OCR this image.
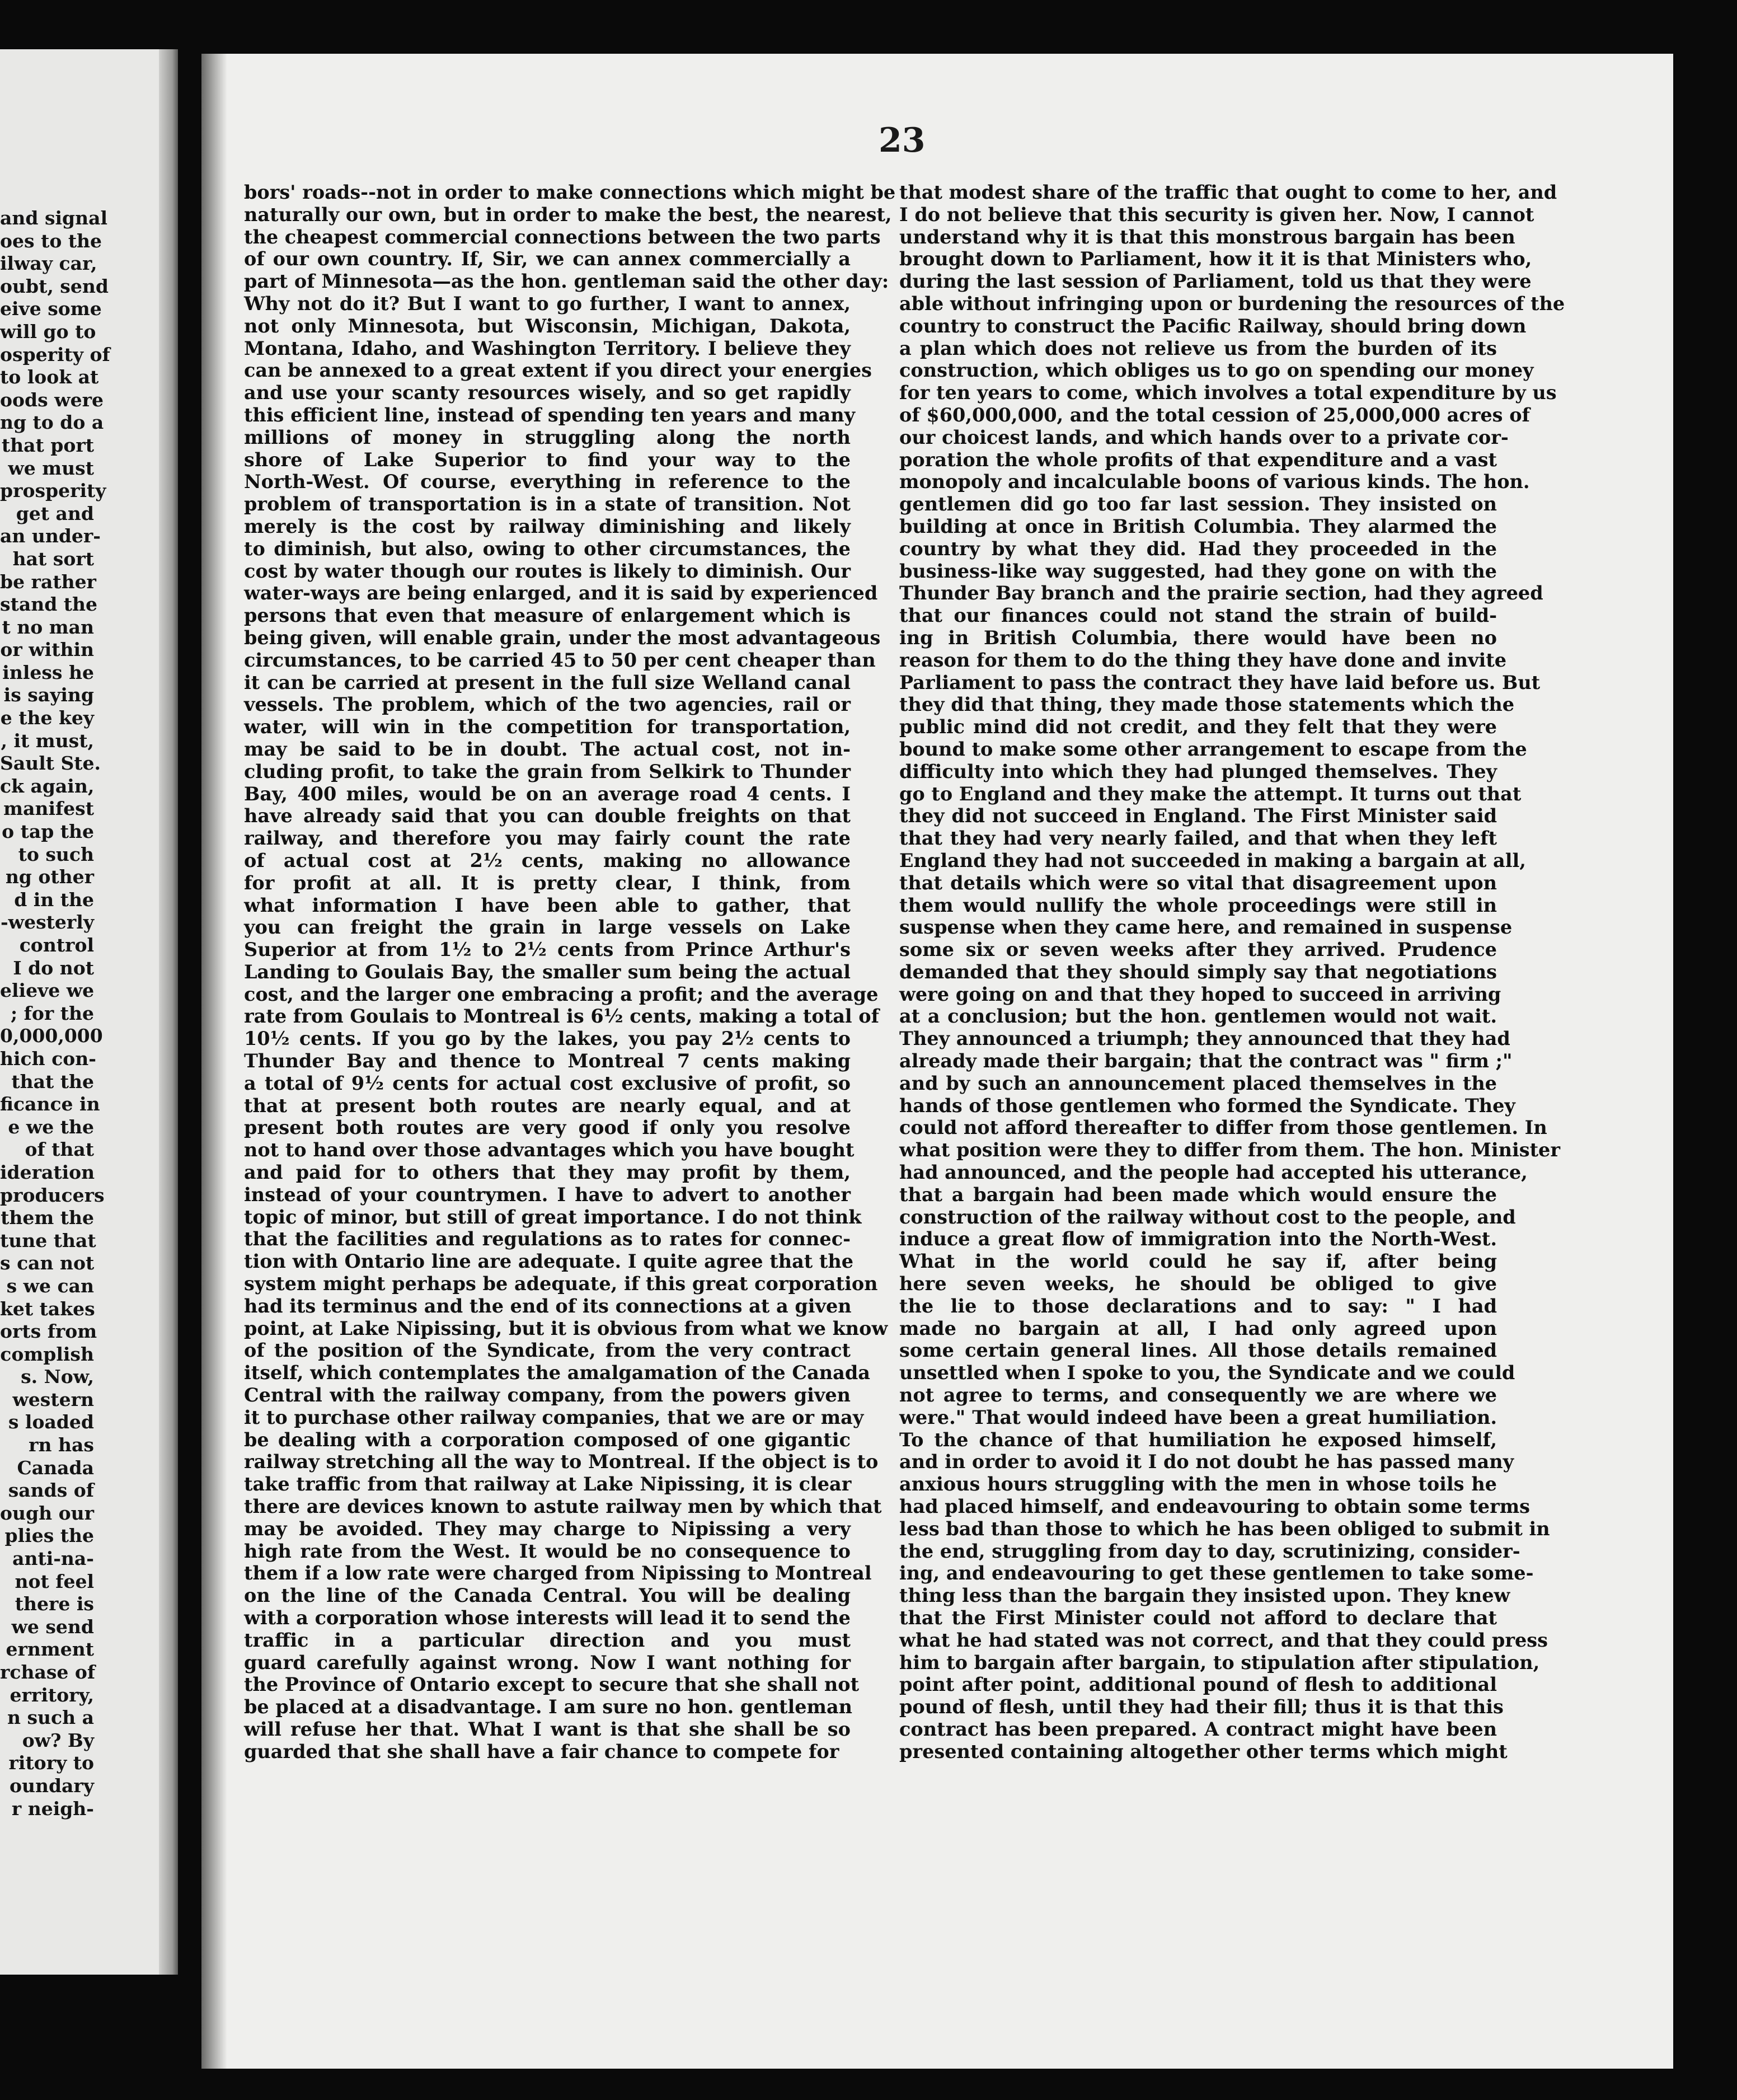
and signal
oes to the
ilway car,
oubt, send
eive some
will go to
osperity of
to look at
oods were
ng to do a
that port
we must
prosperity
get and
an under-
hat sort
be rather
stand the
t no man
or within
inless he
is saying
e the key
, it must,
Sault Ste.
ck again,
manifest
o tap the
to such
ng other
d in the
-westerly
control
I do not
elieve we
; for the
0,000,000
hich con-
that the
ficance in
e we the
of that
ideration
producers
them the
tune that
s can not
s we can
ket takes
orts from
complish
s. Now,
western
s loaded
rn has
Canada
sands of
ough our
plies the
anti-na-
not feel
there is
we send
ernment
rchase of
erritory,
n such a
ow? By
ritory to
oundary
r neigh-
23
bors' roads--not in order to make connections which might be
naturally our own, but in order to make the best, the nearest,
the cheapest commercial connections between the two parts
of our own country. If, Sir, we can annex commercially a
part of Minnesota—as the hon. gentleman said the other day:
Why not do it? But I want to go further, I want to annex,
not only Minnesota, but Wisconsin, Michigan, Dakota,
Montana, Idaho, and Washington Territory. I believe they
can be annexed to a great extent if you direct your energies
and use your scanty resources wisely, and so get rapidly
this efficient line, instead of spending ten years and many
millions of money in struggling along the north
shore of Lake Superior to find your way to the
North-West. Of course, everything in reference to the
problem of transportation is in a state of transition. Not
merely is the cost by railway diminishing and likely
to diminish, but also, owing to other circumstances, the
cost by water though our routes is likely to diminish. Our
water-ways are being enlarged, and it is said by experienced
persons that even that measure of enlargement which is
being given, will enable grain, under the most advantageous
circumstances, to be carried 45 to 50 per cent cheaper than
it can be carried at present in the full size Welland canal
vessels. The problem, which of the two agencies, rail or
water, will win in the competition for transportation,
may be said to be in doubt. The actual cost, not in-
cluding profit, to take the grain from Selkirk to Thunder
Bay, 400 miles, would be on an average road 4 cents. I
have already said that you can double freights on that
railway, and therefore you may fairly count the rate
of actual cost at 2½ cents, making no allowance
for profit at all. It is pretty clear, I think, from
what information I have been able to gather, that
you can freight the grain in large vessels on Lake
Superior at from 1½ to 2½ cents from Prince Arthur's
Landing to Goulais Bay, the smaller sum being the actual
cost, and the larger one embracing a profit; and the average
rate from Goulais to Montreal is 6½ cents, making a total of
10½ cents. If you go by the lakes, you pay 2½ cents to
Thunder Bay and thence to Montreal 7 cents making
a total of 9½ cents for actual cost exclusive of profit, so
that at present both routes are nearly equal, and at
present both routes are very good if only you resolve
not to hand over those advantages which you have bought
and paid for to others that they may profit by them,
instead of your countrymen. I have to advert to another
topic of minor, but still of great importance. I do not think
that the facilities and regulations as to rates for connec-
tion with Ontario line are adequate. I quite agree that the
system might perhaps be adequate, if this great corporation
had its terminus and the end of its connections at a given
point, at Lake Nipissing, but it is obvious from what we know
of the position of the Syndicate, from the very contract
itself, which contemplates the amalgamation of the Canada
Central with the railway company, from the powers given
it to purchase other railway companies, that we are or may
be dealing with a corporation composed of one gigantic
railway stretching all the way to Montreal. If the object is to
take traffic from that railway at Lake Nipissing, it is clear
there are devices known to astute railway men by which that
may be avoided. They may charge to Nipissing a very
high rate from the West. It would be no consequence to
them if a low rate were charged from Nipissing to Montreal
on the line of the Canada Central. You will be dealing
with a corporation whose interests will lead it to send the
traffic in a particular direction and you must
guard carefully against wrong. Now I want nothing for
the Province of Ontario except to secure that she shall not
be placed at a disadvantage. I am sure no hon. gentleman
will refuse her that. What I want is that she shall be so
guarded that she shall have a fair chance to compete for
that modest share of the traffic that ought to come to her, and
I do not believe that this security is given her. Now, I cannot
understand why it is that this monstrous bargain has been
brought down to Parliament, how it it is that Ministers who,
during the last session of Parliament, told us that they were
able without infringing upon or burdening the resources of the
country to construct the Pacific Railway, should bring down
a plan which does not relieve us from the burden of its
construction, which obliges us to go on spending our money
for ten years to come, which involves a total expenditure by us
of $60,000,000, and the total cession of 25,000,000 acres of
our choicest lands, and which hands over to a private cor-
poration the whole profits of that expenditure and a vast
monopoly and incalculable boons of various kinds. The hon.
gentlemen did go too far last session. They insisted on
building at once in British Columbia. They alarmed the
country by what they did. Had they proceeded in the
business-like way suggested, had they gone on with the
Thunder Bay branch and the prairie section, had they agreed
that our finances could not stand the strain of build-
ing in British Columbia, there would have been no
reason for them to do the thing they have done and invite
Parliament to pass the contract they have laid before us. But
they did that thing, they made those statements which the
public mind did not credit, and they felt that they were
bound to make some other arrangement to escape from the
difficulty into which they had plunged themselves. They
go to England and they make the attempt. It turns out that
they did not succeed in England. The First Minister said
that they had very nearly failed, and that when they left
England they had not succeeded in making a bargain at all,
that details which were so vital that disagreement upon
them would nullify the whole proceedings were still in
suspense when they came here, and remained in suspense
some six or seven weeks after they arrived. Prudence
demanded that they should simply say that negotiations
were going on and that they hoped to succeed in arriving
at a conclusion; but the hon. gentlemen would not wait.
They announced a triumph; they announced that they had
already made their bargain; that the contract was " firm ;"
and by such an announcement placed themselves in the
hands of those gentlemen who formed the Syndicate. They
could not afford thereafter to differ from those gentlemen. In
what position were they to differ from them. The hon. Minister
had announced, and the people had accepted his utterance,
that a bargain had been made which would ensure the
construction of the railway without cost to the people, and
induce a great flow of immigration into the North-West.
What in the world could he say if, after being
here seven weeks, he should be obliged to give
the lie to those declarations and to say: " I had
made no bargain at all, I had only agreed upon
some certain general lines. All those details remained
unsettled when I spoke to you, the Syndicate and we could
not agree to terms, and consequently we are where we
were." That would indeed have been a great humiliation.
To the chance of that humiliation he exposed himself,
and in order to avoid it I do not doubt he has passed many
anxious hours struggling with the men in whose toils he
had placed himself, and endeavouring to obtain some terms
less bad than those to which he has been obliged to submit in
the end, struggling from day to day, scrutinizing, consider-
ing, and endeavouring to get these gentlemen to take some-
thing less than the bargain they insisted upon. They knew
that the First Minister could not afford to declare that
what he had stated was not correct, and that they could press
him to bargain after bargain, to stipulation after stipulation,
point after point, additional pound of flesh to additional
pound of flesh, until they had their fill; thus it is that this
contract has been prepared. A contract might have been
presented containing altogether other terms which might
